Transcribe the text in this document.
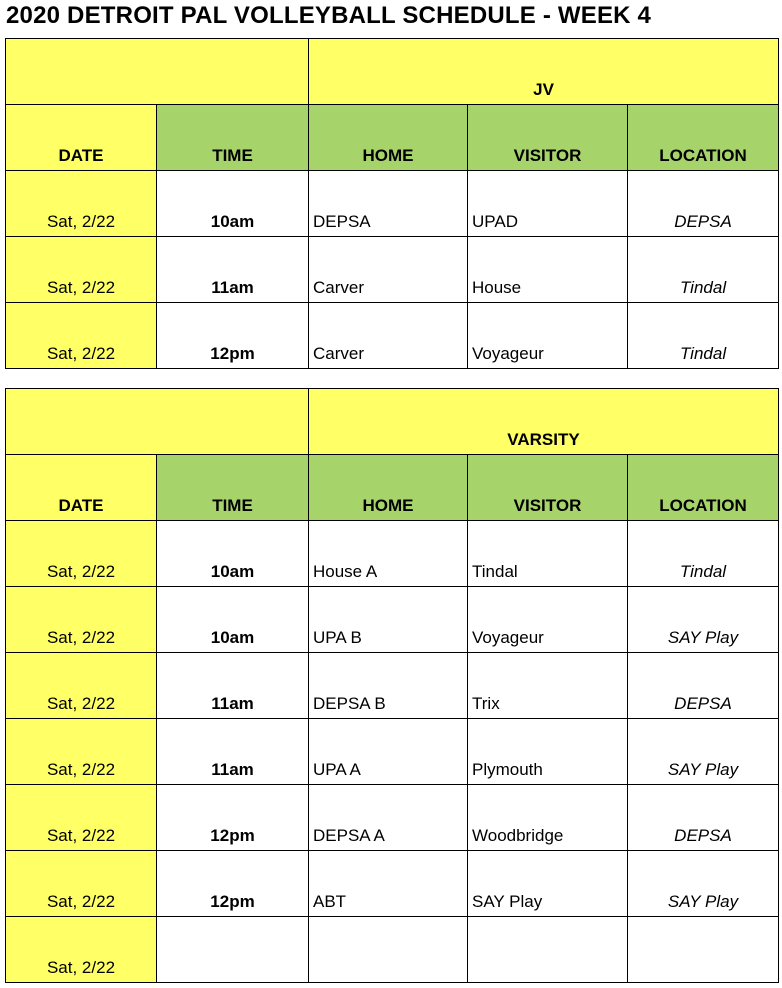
2020 DETROIT PAL VOLLEYBALL SCHEDULE - WEEK 4
		JV		
DATE	TIME	HOME	VISITOR	LOCATION
Sat, 2/22	10am	DEPSA	UPAD	DEPSA
Sat, 2/22	11am	Carver	House	Tindal
Sat, 2/22	12pm	Carver	Voyageur	Tindal
		VARSITY		
DATE	TIME	HOME	VISITOR	LOCATION
Sat, 2/22	10am	House A	Tindal	Tindal
Sat, 2/22	10am	UPA B	Voyageur	SAY Play
Sat, 2/22	11am	DEPSA B	Trix	DEPSA
Sat, 2/22	11am	UPA A	Plymouth	SAY Play
Sat, 2/22	12pm	DEPSA A	Woodbridge	DEPSA
Sat, 2/22	12pm	ABT	SAY Play	SAY Play
Sat, 2/22				
